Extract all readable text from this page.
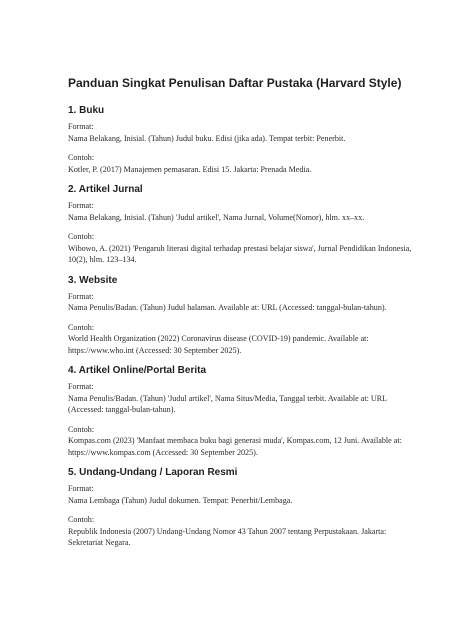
Panduan Singkat Penulisan Daftar Pustaka (Harvard Style)
1. Buku

Format:

Nama Belakang, Inisial. (Tahun) Judul buku. Edisi (jika ada). Tempat terbit: Penerbit.

Contoh:

Kotler, P. (2017) Manajemen pemasaran. Edisi 15. Jakarta: Prenada Media.

2. Artikel Jurnal

Format:

Nama Belakang, Inisial. (Tahun) 'Judul artikel', Nama Jurnal, Volume(Nomor), hlm. xx–xx.

Contoh:

Wibowo, A. (2021) 'Pengaruh literasi digital terhadap prestasi belajar siswa', Jurnal Pendidikan Indonesia, 10(2), hlm. 123–134.

3. Website

Format:

Nama Penulis/Badan. (Tahun) Judul halaman. Available at: URL (Accessed: tanggal-bulan-tahun).

Contoh:

World Health Organization (2022) Coronavirus disease (COVID-19) pandemic. Available at: https://www.who.int (Accessed: 30 September 2025).

4. Artikel Online/Portal Berita

Format:

Nama Penulis/Badan. (Tahun) 'Judul artikel', Nama Situs/Media, Tanggal terbit. Available at: URL (Accessed: tanggal-bulan-tahun).

Contoh:

Kompas.com (2023) 'Manfaat membaca buku bagi generasi muda', Kompas.com, 12 Juni. Available at: https://www.kompas.com (Accessed: 30 September 2025).

5. Undang-Undang / Laporan Resmi

Format:

Nama Lembaga (Tahun) Judul dokumen. Tempat: Penerbit/Lembaga.

Contoh:

Republik Indonesia (2007) Undang-Undang Nomor 43 Tahun 2007 tentang Perpustakaan. Jakarta: Sekretariat Negara.
